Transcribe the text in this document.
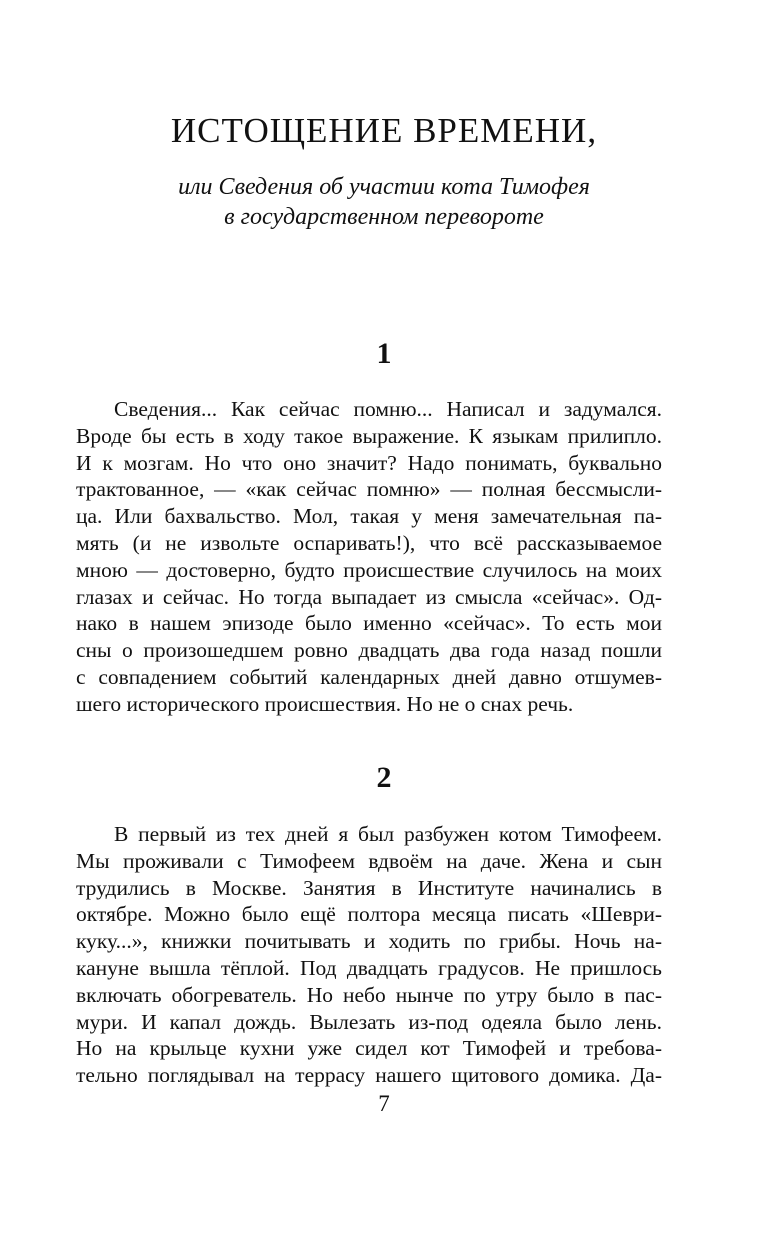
ИСТОЩЕНИЕ ВРЕМЕНИ,
или Сведения об участии кота Тимофея
в государственном перевороте
1
Сведения... Как сейчас помню... Написал и задумался.
Вроде бы есть в ходу такое выражение. К языкам прилипло.
И к мозгам. Но что оно значит? Надо понимать, буквально
трактованное, — «как сейчас помню» — полная бессмысли-
ца. Или бахвальство. Мол, такая у меня замечательная па-
мять (и не извольте оспаривать!), что всё рассказываемое
мною — достоверно, будто происшествие случилось на моих
глазах и сейчас. Но тогда выпадает из смысла «сейчас». Од-
нако в нашем эпизоде было именно «сейчас». То есть мои
сны о произошедшем ровно двадцать два года назад пошли
с совпадением событий календарных дней давно отшумев-
шего исторического происшествия. Но не о снах речь.
2
В первый из тех дней я был разбужен котом Тимофеем.
Мы проживали с Тимофеем вдвоём на даче. Жена и сын
трудились в Москве. Занятия в Институте начинались в
октябре. Можно было ещё полтора месяца писать «Шеври-
куку...», книжки почитывать и ходить по грибы. Ночь на-
кануне вышла тёплой. Под двадцать градусов. Не пришлось
включать обогреватель. Но небо нынче по утру было в пас-
мури. И капал дождь. Вылезать из-под одеяла было лень.
Но на крыльце кухни уже сидел кот Тимофей и требова-
тельно поглядывал на террасу нашего щитового домика. Да-
7
